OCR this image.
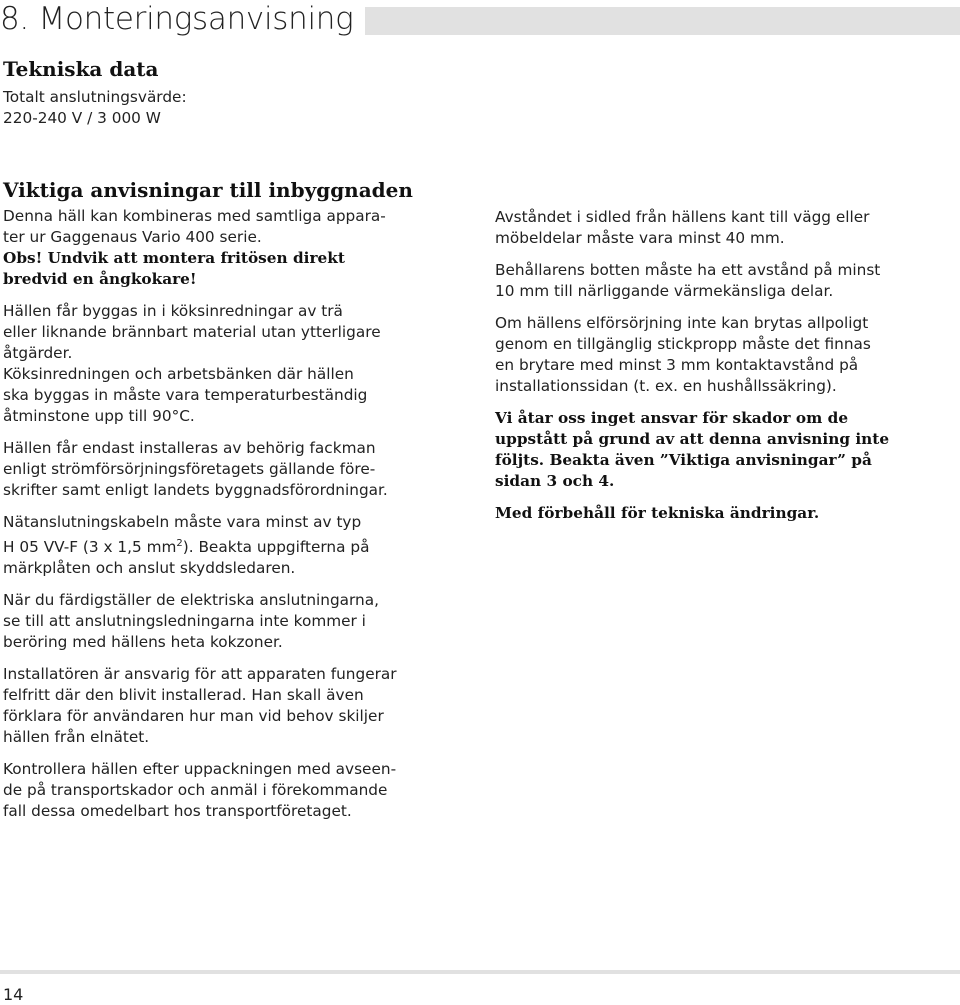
8. Monteringsanvisning
Tekniska data
Totalt anslutningsvärde:
220-240 V / 3 000 W
Viktiga anvisningar till inbyggnaden

Denna häll kan kombineras med samtliga appara-
ter ur Gaggenaus Vario 400 serie.

Obs! Undvik att montera fritösen direkt
bredvid en ångkokare!

Hällen får byggas in i köksinredningar av trä
eller liknande brännbart material utan ytterligare
åtgärder.

Köksinredningen och arbetsbänken där hällen
ska byggas in måste vara temperaturbeständig
åtminstone upp till 90°C.

Hällen får endast installeras av behörig fackman
enligt strömförsörjningsföretagets gällande före-
skrifter samt enligt landets byggnadsförordningar.

Nätanslutningskabeln måste vara minst av typ
H 05 VV-F (3 x 1,5 $mm^2$). Beakta uppgifterna på
märkplåten och anslut skyddsledaren.

När du färdigställer de elektriska anslutningarna,
se till att anslutningsledningarna inte kommer i
beröring med hällens heta kokzoner.

Installatören är ansvarig för att apparaten fungerar
felfritt där den blivit installerad. Han skall även
förklara för användaren hur man vid behov skiljer
hällen från elnätet.

Kontrollera hällen efter uppackningen med avseen-
de på transportskador och anmäl i förekommande
fall dessa omedelbart hos transportföretaget.

Avståndet i sidled från hällens kant till vägg eller
möbeldelar måste vara minst 40 mm.

Behållarens botten måste ha ett avstånd på minst
10 mm till närliggande värmekänsliga delar.

Om hällens elförsörjning inte kan brytas allpoligt
genom en tillgänglig stickpropp måste det finnas
en brytare med minst 3 mm kontaktavstånd på
installationssidan (t. ex. en hushållssäkring).

Vi åtar oss inget ansvar för skador om de
uppstått på grund av att denna anvisning inte
följts. Beakta även ”Viktiga anvisningar” på
sidan 3 och 4.

Med förbehåll för tekniska ändringar.

14
